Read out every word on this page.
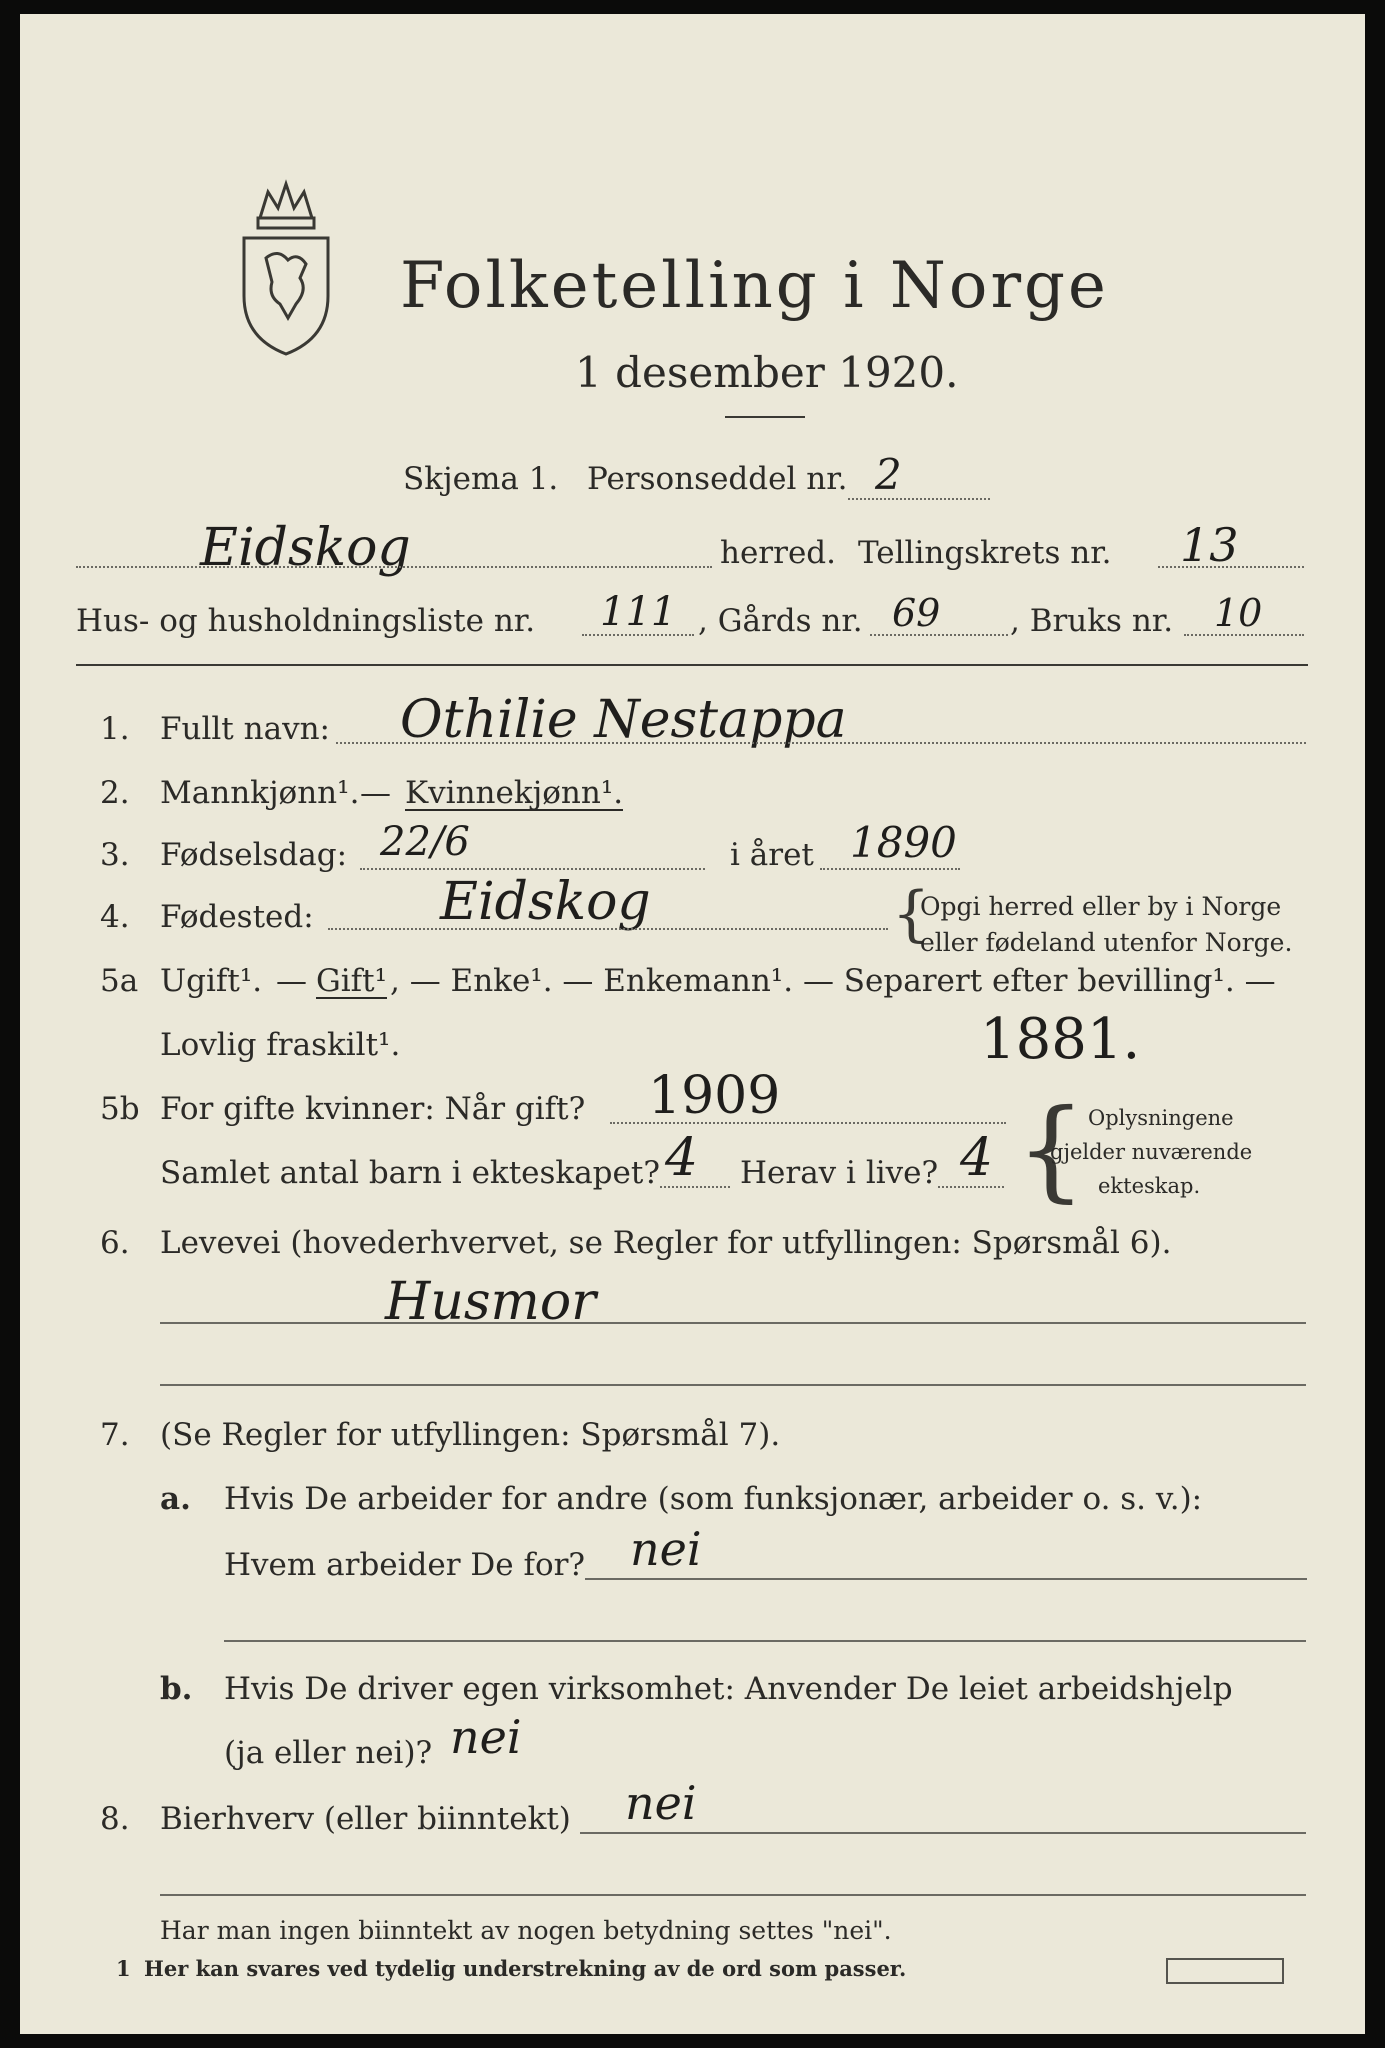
Folketelling i Norge
1 desember 1920.
Skjema 1. Personseddel nr. 2
Eidskog	herred. Tellingskrets nr. 13
Hus- og husholdningsliste nr. 111 , Gårds nr. 69 , Bruks nr. 10
1. Fullt navn: Othilie Nestappa
2. Mannkjønn¹. — Kvinnekjønn¹.
3. Fødselsdag: 22/6	i året 1890
4. Fødested: Eidskog	{
Opgi herred eller by i Norge
eller fødeland utenfor Norge.
5a Ugift¹. — Gift¹ , — Enke¹. — Enkemann¹. — Separert efter bevilling¹. —
Lovlig fraskilt¹.	1881.
5b For gifte kvinner: Når gift? 1909
Samlet antal barn i ekteskapet? 4 Herav i live? 4 { Oplysningene
gjelder nuværende
ekteskap.
6. Levevei (hovederhvervet, se Regler for utfyllingen: Spørsmål 6).
Husmor
7. (Se Regler for utfyllingen: Spørsmål 7).
a. Hvis De arbeider for andre (som funksjonær, arbeider o. s. v.):
Hvem arbeider De for? nei
b. Hvis De driver egen virksomhet: Anvender De leiet arbeidshjelp
(ja eller nei)? nei
8. Bierhverv (eller biinntekt) nei
Har man ingen biinntekt av nogen betydning settes "nei".
1 Her kan svares ved tydelig understrekning av de ord som passer.
